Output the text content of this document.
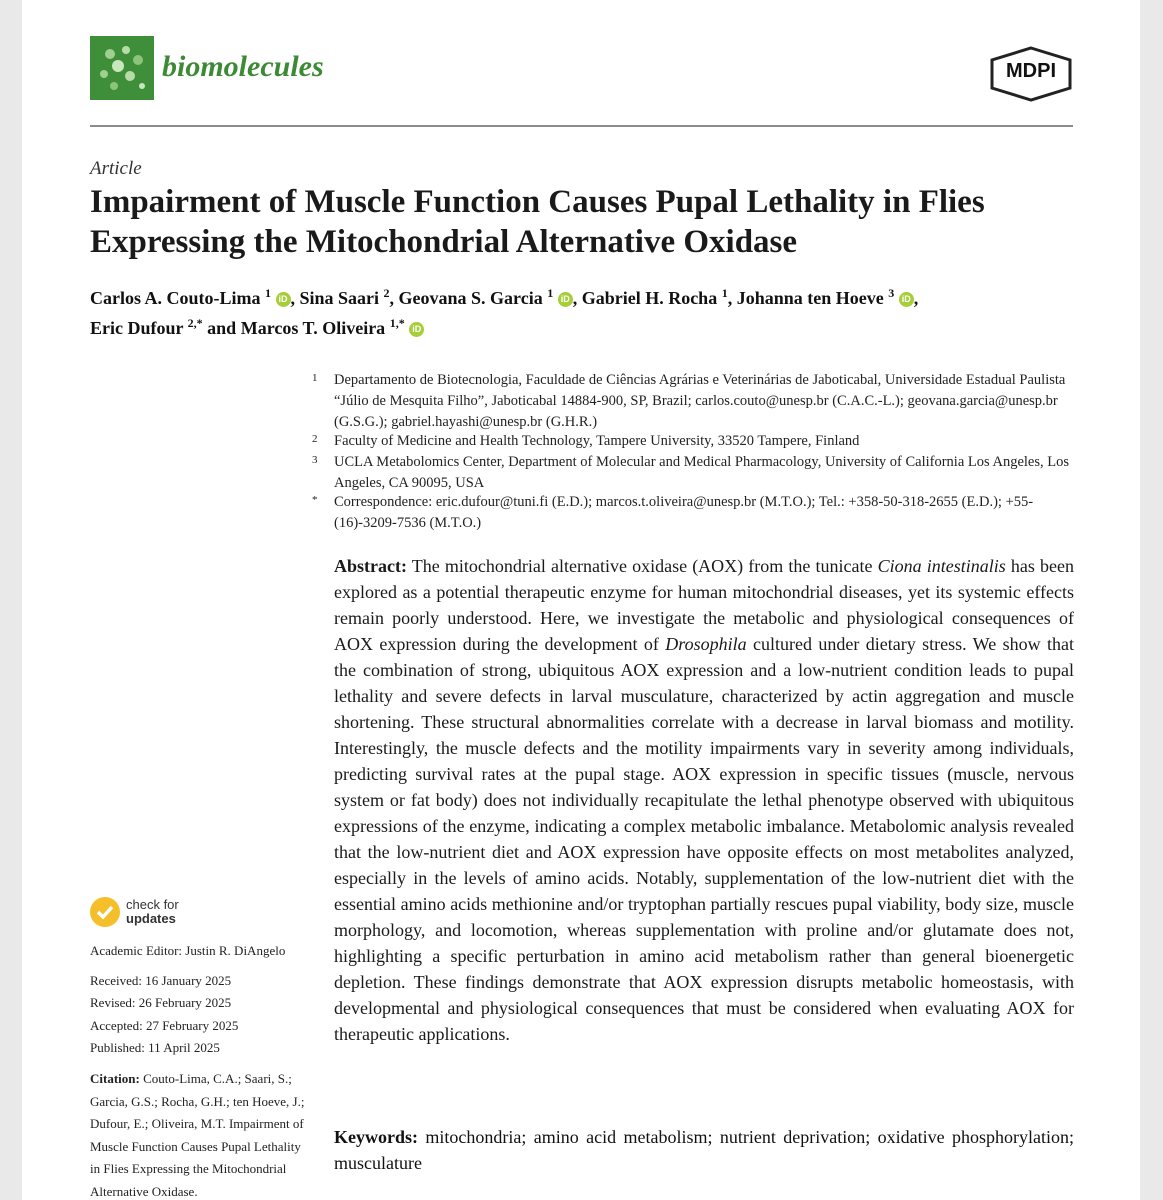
biomolecules	MDPI
Article
Impairment of Muscle Function Causes Pupal Lethality in Flies Expressing the Mitochondrial Alternative Oxidase
Carlos A. Couto-Lima $^1$ iD , Sina Saari $^2$, Geovana S. Garcia $^1$ iD , Gabriel H. Rocha $^1$, Johanna ten Hoeve $^3$ iD ,
Eric Dufour $^{2,*}$ and Marcos T. Oliveira $^{1,*}$ iD
1 Departamento de Biotecnologia, Faculdade de Ciências Agrárias e Veterinárias de Jaboticabal, Universidade Estadual Paulista “Júlio de Mesquita Filho”, Jaboticabal 14884-900, SP, Brazil; carlos.couto@unesp.br (C.A.C.-L.); geovana.garcia@unesp.br (G.S.G.); gabriel.hayashi@unesp.br (G.H.R.)
2 Faculty of Medicine and Health Technology, Tampere University, 33520 Tampere, Finland
3 UCLA Metabolomics Center, Department of Molecular and Medical Pharmacology, University of California Los Angeles, Los Angeles, CA 90095, USA
* Correspondence: eric.dufour@tuni.fi (E.D.); marcos.t.oliveira@unesp.br (M.T.O.); Tel.: +358-50-318-2655 (E.D.); +55-(16)-3209-7536 (M.T.O.)
Abstract: The mitochondrial alternative oxidase (AOX) from the tunicate Ciona intestinalis has been explored as a potential therapeutic enzyme for human mitochondrial diseases, yet its systemic effects remain poorly understood. Here, we investigate the metabolic and physiological consequences of AOX expression during the development of Drosophila cultured under dietary stress. We show that the combination of strong, ubiquitous AOX expression and a low-nutrient condition leads to pupal lethality and severe defects in larval musculature, characterized by actin aggregation and muscle shortening. These structural abnormalities correlate with a decrease in larval biomass and motility. Interestingly, the muscle defects and the motility impairments vary in severity among individuals, predicting survival rates at the pupal stage. AOX expression in specific tissues (muscle, nervous system or fat body) does not individually recapitulate the lethal phenotype observed with ubiquitous expressions of the enzyme, indicating a complex metabolic imbalance. Metabolomic analysis revealed that the low-nutrient diet and AOX expression have opposite effects on most metabolites analyzed, especially in the levels of amino acids. Notably, supplementation of the low-nutrient diet with the essential amino acids methionine and/or tryptophan partially rescues pupal viability, body size, muscle morphology, and locomotion, whereas supplementation with proline and/or glutamate does not, highlighting a specific perturbation in amino acid metabolism rather than general bioenergetic depletion. These findings demonstrate that AOX expression disrupts metabolic homeostasis, with developmental and physiological consequences that must be considered when evaluating AOX for therapeutic applications.
Keywords: mitochondria; amino acid metabolism; nutrient deprivation; oxidative phosphorylation; musculature
check for
updates
Academic Editor: Justin R. DiAngelo
Received: 16 January 2025
Revised: 26 February 2025
Accepted: 27 February 2025
Published: 11 April 2025
Citation: Couto-Lima, C.A.; Saari, S.; Garcia, G.S.; Rocha, G.H.; ten Hoeve, J.; Dufour, E.; Oliveira, M.T. Impairment of Muscle Function Causes Pupal Lethality in Flies Expressing the Mitochondrial Alternative Oxidase.
